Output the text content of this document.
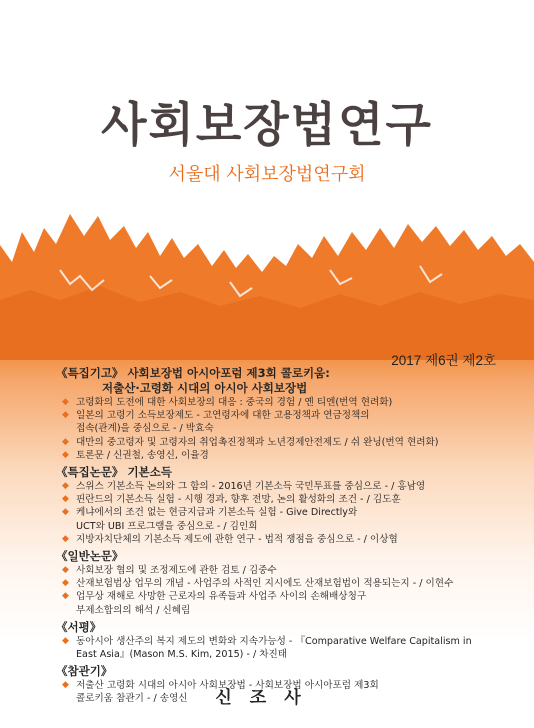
사회보장법연구
서울대 사회보장법연구회
2017 제6권 제2호
《특집기고》 사회보장법 아시아포럼 제3회 콜로키움:
저출산·고령화 시대의 아시아 사회보장법
◆ 고령화의 도전에 대한 사회보장의 대응 : 중국의 경험 / 옌 티엔(번역 현려화)
◆ 일본의 고령기 소득보장제도 - 고연령자에 대한 고용정책과 연금정책의
접속(관계)을 중심으로 - / 박효숙
◆ 대만의 중고령자 및 고령자의 취업촉진정책과 노년경제안전제도 / 쉬 완닝(번역 현려화)
◆ 토론문 / 신권철, 송영신, 이율경
《특집논문》 기본소득
◆ 스위스 기본소득 논의와 그 함의 - 2016년 기본소득 국민투표를 중심으로 - / 홍남영
◆ 핀란드의 기본소득 실험 - 시행 경과, 향후 전망, 논의 활성화의 조건 - / 김도훈
◆ 케냐에서의 조건 없는 현금지급과 기본소득 실험 - Give Directly와
UCT와 UBI 프로그램을 중심으로 - / 김인희
◆ 지방자치단체의 기본소득 제도에 관한 연구 - 법적 쟁점을 중심으로 - / 이상협
《일반논문》
◆ 사회보장 협의 및 조정제도에 관한 검토 / 김중수
◆ 산재보험법상 업무의 개념 - 사업주의 사적인 지시에도 산재보험법이 적용되는지 - / 이현수
◆ 업무상 재해로 사망한 근로자의 유족들과 사업주 사이의 손해배상청구
부제소합의의 해석 / 신혜림
《서평》
◆ 동아시아 생산주의 복지 제도의 변화와 지속가능성 - 『Comparative Welfare Capitalism in
East Asia』(Mason M.S. Kim, 2015) - / 차진태
《참관기》
◆ 저출산 고령화 시대의 아시아 사회보장법 - 사회보장법 아시아포럼 제3회
콜로키움 참관기 - / 송영신	신조사
